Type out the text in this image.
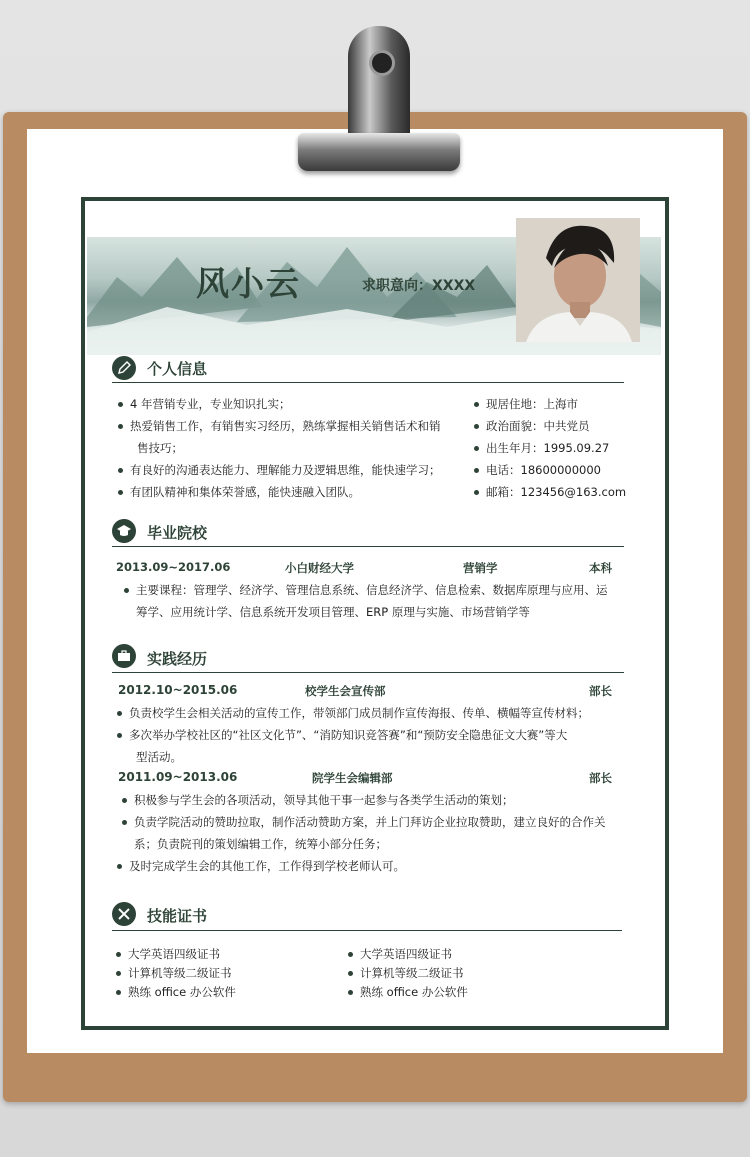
风小云	求职意向：XXXX
个人信息
4 年营销专业，专业知识扎实；
热爱销售工作，有销售实习经历，熟练掌握相关销售话术和销
售技巧；
有良好的沟通表达能力、理解能力及逻辑思维，能快速学习；
有团队精神和集体荣誉感，能快速融入团队。
现居住地：上海市
政治面貌：中共党员
出生年月：1995.09.27
电话：18600000000
邮箱：123456@163.com
毕业院校
2013.09~2017.06	小白财经大学	营销学	本科
主要课程：管理学、经济学、管理信息系统、信息经济学、信息检索、数据库原理与应用、运
筹学、应用统计学、信息系统开发项目管理、ERP 原理与实施、市场营销学等
实践经历
2012.10~2015.06	校学生会宣传部	部长
负责校学生会相关活动的宣传工作，带领部门成员制作宣传海报、传单、横幅等宣传材料；
多次举办学校社区的“社区文化节”、“消防知识竞答赛”和“预防安全隐患征文大赛”等大
型活动。
2011.09~2013.06	院学生会编辑部	部长
积极参与学生会的各项活动，领导其他干事一起参与各类学生活动的策划；
负责学院活动的赞助拉取，制作活动赞助方案，并上门拜访企业拉取赞助，建立良好的合作关
系；负责院刊的策划编辑工作，统筹小部分任务；
及时完成学生会的其他工作，工作得到学校老师认可。
技能证书
大学英语四级证书
计算机等级二级证书
熟练 office 办公软件
大学英语四级证书
计算机等级二级证书
熟练 office 办公软件
